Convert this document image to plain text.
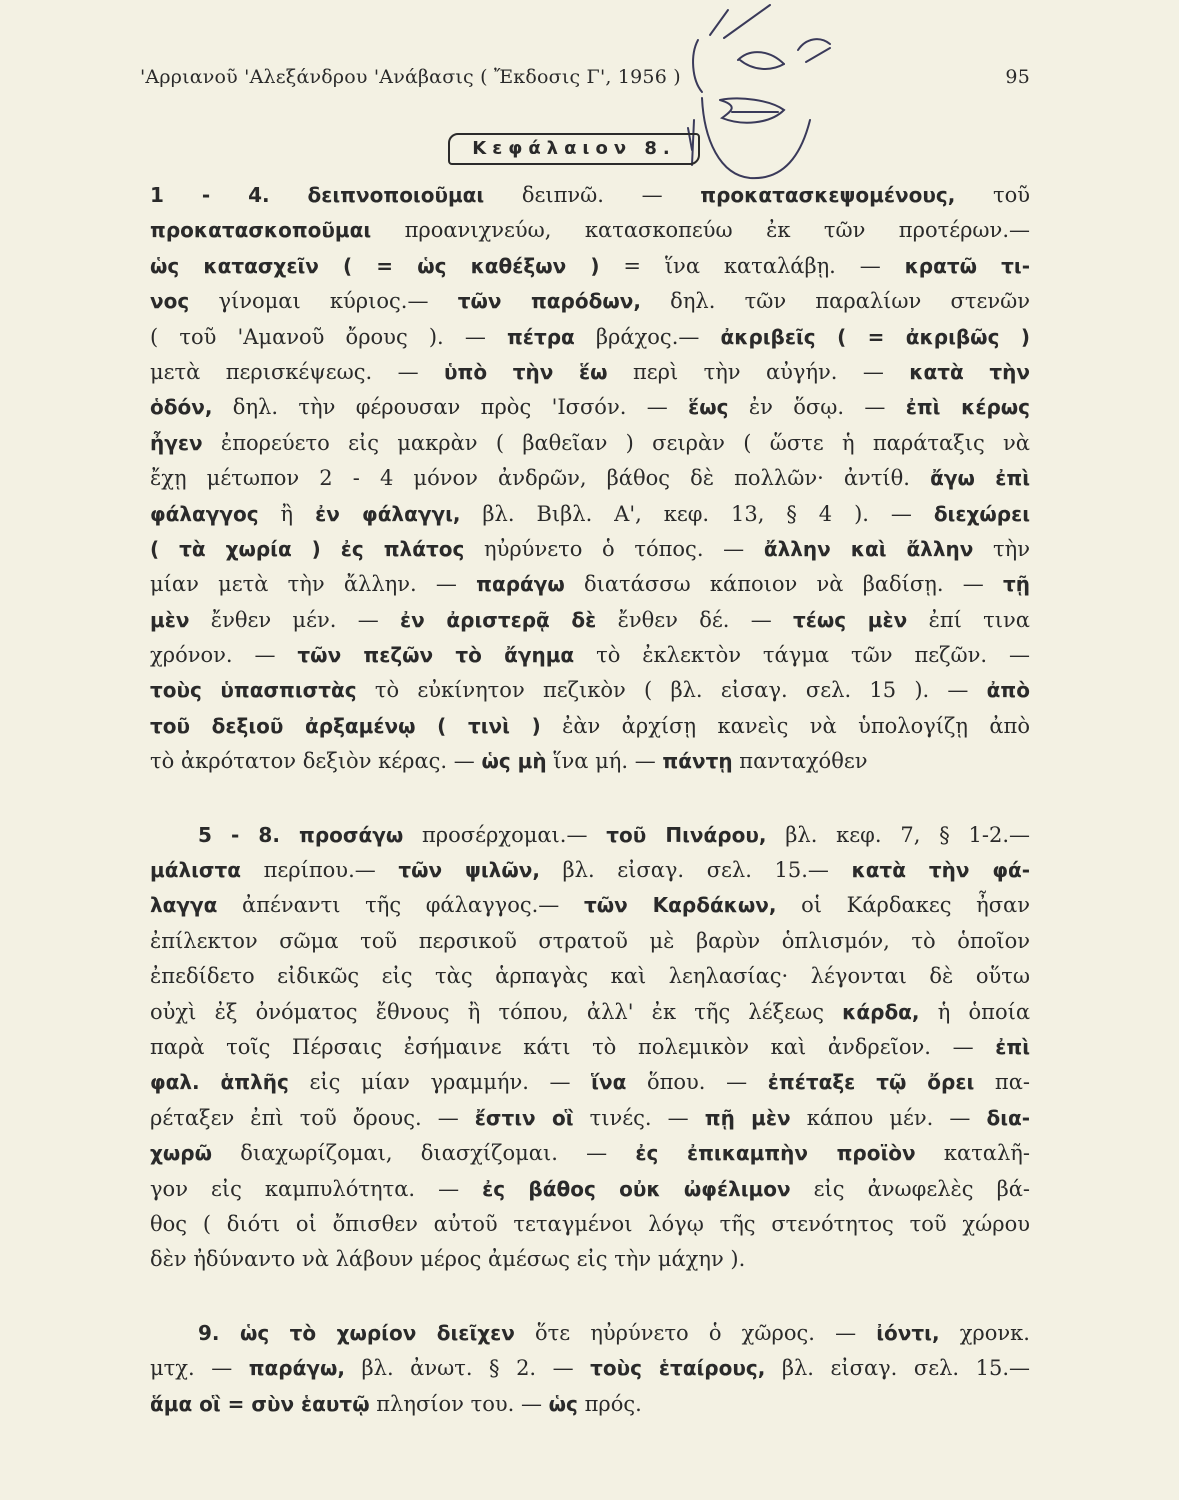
'Αρριανοῦ 'Αλεξάνδρου 'Ανάβασις ( Ἔκδοσις Γ', 1956 )	95
Κεφάλαιον 8.
1 - 4. δειπνοποιοῦμαι δειπνῶ. — προκατασκεψομένους, τοῦ
προκατασκοποῦμαι προανιχνεύω, κατασκοπεύω ἐκ τῶν προτέρων.—
ὡς κατασχεῖν ( = ὡς καθέξων ) = ἵνα καταλάβῃ. — κρατῶ τι-
νος γίνομαι κύριος.— τῶν παρόδων, δηλ. τῶν παραλίων στενῶν
( τοῦ 'Αμανοῦ ὄρους ). — πέτρα βράχος.— ἀκριβεῖς ( = ἀκριβῶς )
μετὰ περισκέψεως. — ὑπὸ τὴν ἕω περὶ τὴν αὐγήν. — κατὰ τὴν
ὁδόν, δηλ. τὴν φέρουσαν πρὸς 'Ισσόν. — ἕως ἐν ὅσῳ. — ἐπὶ κέρως
ἦγεν ἐπορεύετο εἰς μακρὰν ( βαθεῖαν ) σειρὰν ( ὥστε ἡ παράταξις νὰ
ἔχῃ μέτωπον 2 - 4 μόνον ἀνδρῶν, βάθος δὲ πολλῶν· ἀντίθ. ἄγω ἐπὶ
φάλαγγος ἢ ἐν φάλαγγι, βλ. Βιβλ. Α', κεφ. 13, § 4 ). — διεχώρει
( τὰ χωρία ) ἐς πλάτος ηὐρύνετο ὁ τόπος. — ἄλλην καὶ ἄλλην τὴν
μίαν μετὰ τὴν ἄλλην. — παράγω διατάσσω κάποιον νὰ βαδίσῃ. — τῇ
μὲν ἔνθεν μέν. — ἐν ἀριστερᾷ δὲ ἔνθεν δέ. — τέως μὲν ἐπί τινα
χρόνον. — τῶν πεζῶν τὸ ἄγημα τὸ ἐκλεκτὸν τάγμα τῶν πεζῶν. —
τοὺς ὑπασπιστὰς τὸ εὐκίνητον πεζικὸν ( βλ. εἰσαγ. σελ. 15 ). — ἀπὸ
τοῦ δεξιοῦ ἀρξαμένῳ ( τινὶ ) ἐὰν ἀρχίσῃ κανεὶς νὰ ὑπολογίζῃ ἀπὸ
τὸ ἀκρότατον δεξιὸν κέρας. — ὡς μὴ ἵνα μή. — πάντῃ πανταχόθεν
5 - 8. προσάγω προσέρχομαι.— τοῦ Πινάρου, βλ. κεφ. 7, § 1-2.—
μάλιστα περίπου.— τῶν ψιλῶν, βλ. εἰσαγ. σελ. 15.— κατὰ τὴν φά-
λαγγα ἀπέναντι τῆς φάλαγγος.— τῶν Καρδάκων, οἱ Κάρδακες ἦσαν
ἐπίλεκτον σῶμα τοῦ περσικοῦ στρατοῦ μὲ βαρὺν ὁπλισμόν, τὸ ὁποῖον
ἐπεδίδετο εἰδικῶς εἰς τὰς ἁρπαγὰς καὶ λεηλασίας· λέγονται δὲ οὕτω
οὐχὶ ἐξ ὀνόματος ἔθνους ἢ τόπου, ἀλλ' ἐκ τῆς λέξεως κάρδα, ἡ ὁποία
παρὰ τοῖς Πέρσαις ἐσήμαινε κάτι τὸ πολεμικὸν καὶ ἀνδρεῖον. — ἐπὶ
φαλ. ἁπλῆς εἰς μίαν γραμμήν. — ἵνα ὅπου. — ἐπέταξε τῷ ὄρει πα-
ρέταξεν ἐπὶ τοῦ ὄρους. — ἔστιν οἳ τινές. — πῇ μὲν κάπου μέν. — δια-
χωρῶ διαχωρίζομαι, διασχίζομαι. — ἐς ἐπικαμπὴν προϊὸν καταλῆ-
γον εἰς καμπυλότητα. — ἐς βάθος οὐκ ὠφέλιμον εἰς ἀνωφελὲς βά-
θος ( διότι οἱ ὄπισθεν αὐτοῦ τεταγμένοι λόγῳ τῆς στενότητος τοῦ χώρου
δὲν ἠδύναντο νὰ λάβουν μέρος ἀμέσως εἰς τὴν μάχην ).
9. ὡς τὸ χωρίον διεῖχεν ὅτε ηὐρύνετο ὁ χῶρος. — ἰόντι, χρονκ.
μτχ. — παράγω, βλ. ἀνωτ. § 2. — τοὺς ἑταίρους, βλ. εἰσαγ. σελ. 15.—
ἅμα οἳ = σὺν ἑαυτῷ πλησίον του. — ὡς πρός.
